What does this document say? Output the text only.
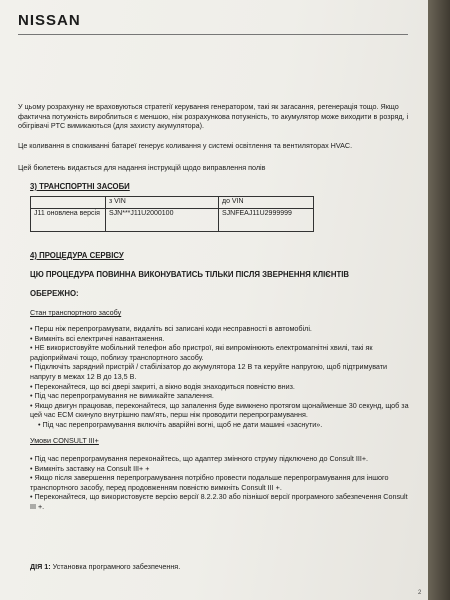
NISSAN
У цьому розрахунку не враховуються стратегії керування генератором, такі як загасання, регенерація тощо. Якщо фактична потужність вироблиться є меншою, ніж розрахункова потужність, то акумулятор може виходити в розряд, і обігрівачі PTC вимикаються (для захисту акумулятора).
Це коливання в споживанні батареї генерує коливання у системі освітлення та вентиляторах HVAC.
Цей бюлетень видається для надання інструкцій щодо виправлення полів
3) ТРАНСПОРТНІ ЗАСОБИ
	з VIN	до VIN
J11 оновлена версія	SJN***J11U2000100	SJNFEAJ11U2999999
4) ПРОЦЕДУРА СЕРВІСУ
ЦЮ ПРОЦЕДУРА ПОВИННА ВИКОНУВАТИСЬ ТІЛЬКИ ПІСЛЯ ЗВЕРНЕННЯ КЛІЄНТІВ
ОБЕРЕЖНО:
Стан транспортного засобу
• Перш ніж перепрограмувати, видаліть всі записані коди несправності в автомобілі.
• Вимкніть всі електричні навантаження.
• НЕ використовуйте мобільний телефон або пристрої, які випромінюють електромагнітні хвилі, такі як радіоприймачі тощо, поблизу транспортного засобу.
• Підключіть зарядний пристрій / стабілізатор до акумулятора 12 В та керуйте напругою, щоб підтримувати напругу в межах 12 В до 13,5 В.
• Переконайтеся, що всі двері закриті, а вікно водія знаходиться повністю вниз.
• Під час перепрограмування не вимикайте запалення.
• Якщо двигун працював, переконайтеся, що запалення буде вимкнено протягом щонайменше 30 секунд, щоб за цей час ECM скинуло внутрішню пам'ять, перш ніж проводити перепрограмування.
• Під час перепрограмування включіть аварійні вогні, щоб не дати машині «заснути».
Умови CONSULT III+
• Під час перепрограмування переконайтесь, що адаптер змінного струму підключено до Consult III+.
• Вимкніть заставку на Consult III+ +
• Якщо після завершення перепрограмування потрібно провести подальше перепрограмування для іншого транспортного засобу, перед продовженням повністю вимкніть Consult III +.
• Переконайтеся, що використовуєте версію версії 8.2.2.30 або пізнішої версії програмного забезпечення Consult III +.
ДІЯ 1: Установка програмного забезпечення.
2
